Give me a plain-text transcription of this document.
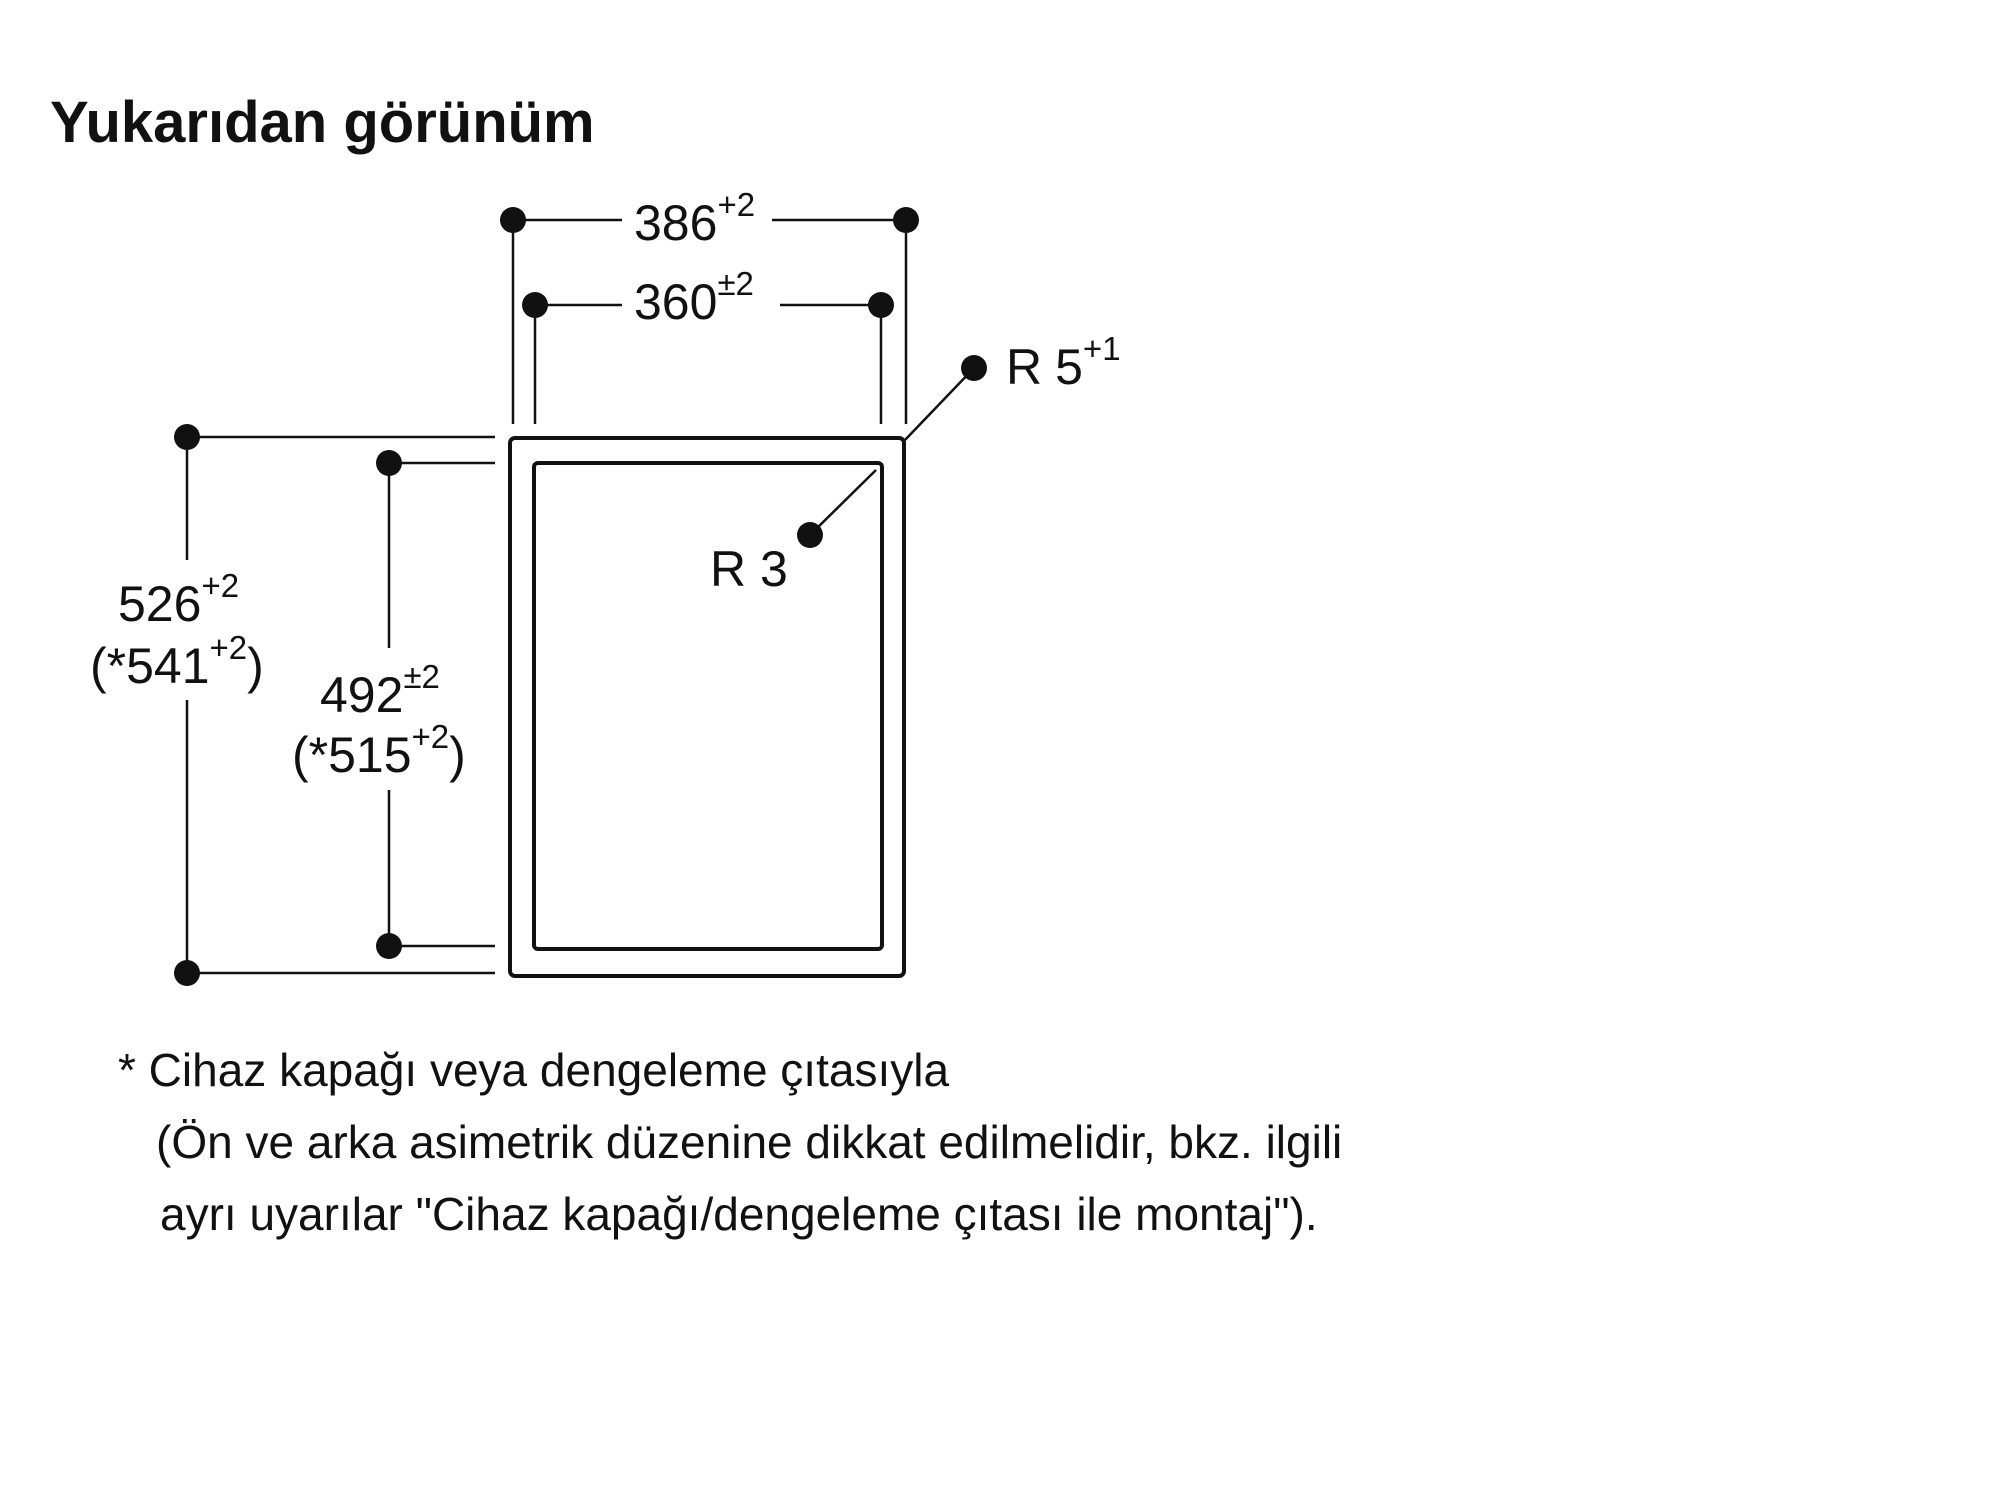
Yukarıdan görünüm
$386^{+2}$
$360^{\pm 2}$
R $5^{+1}$
R 3
$526^{+2}$
$(*541^{+2})$
$492^{\pm 2}$
$(*515^{+2})$
* Cihaz kapağı veya dengeleme çıtasıyla
(Ön ve arka asimetrik düzenine dikkat edilmelidir, bkz. ilgili
ayrı uyarılar "Cihaz kapağı/dengeleme çıtası ile montaj").
